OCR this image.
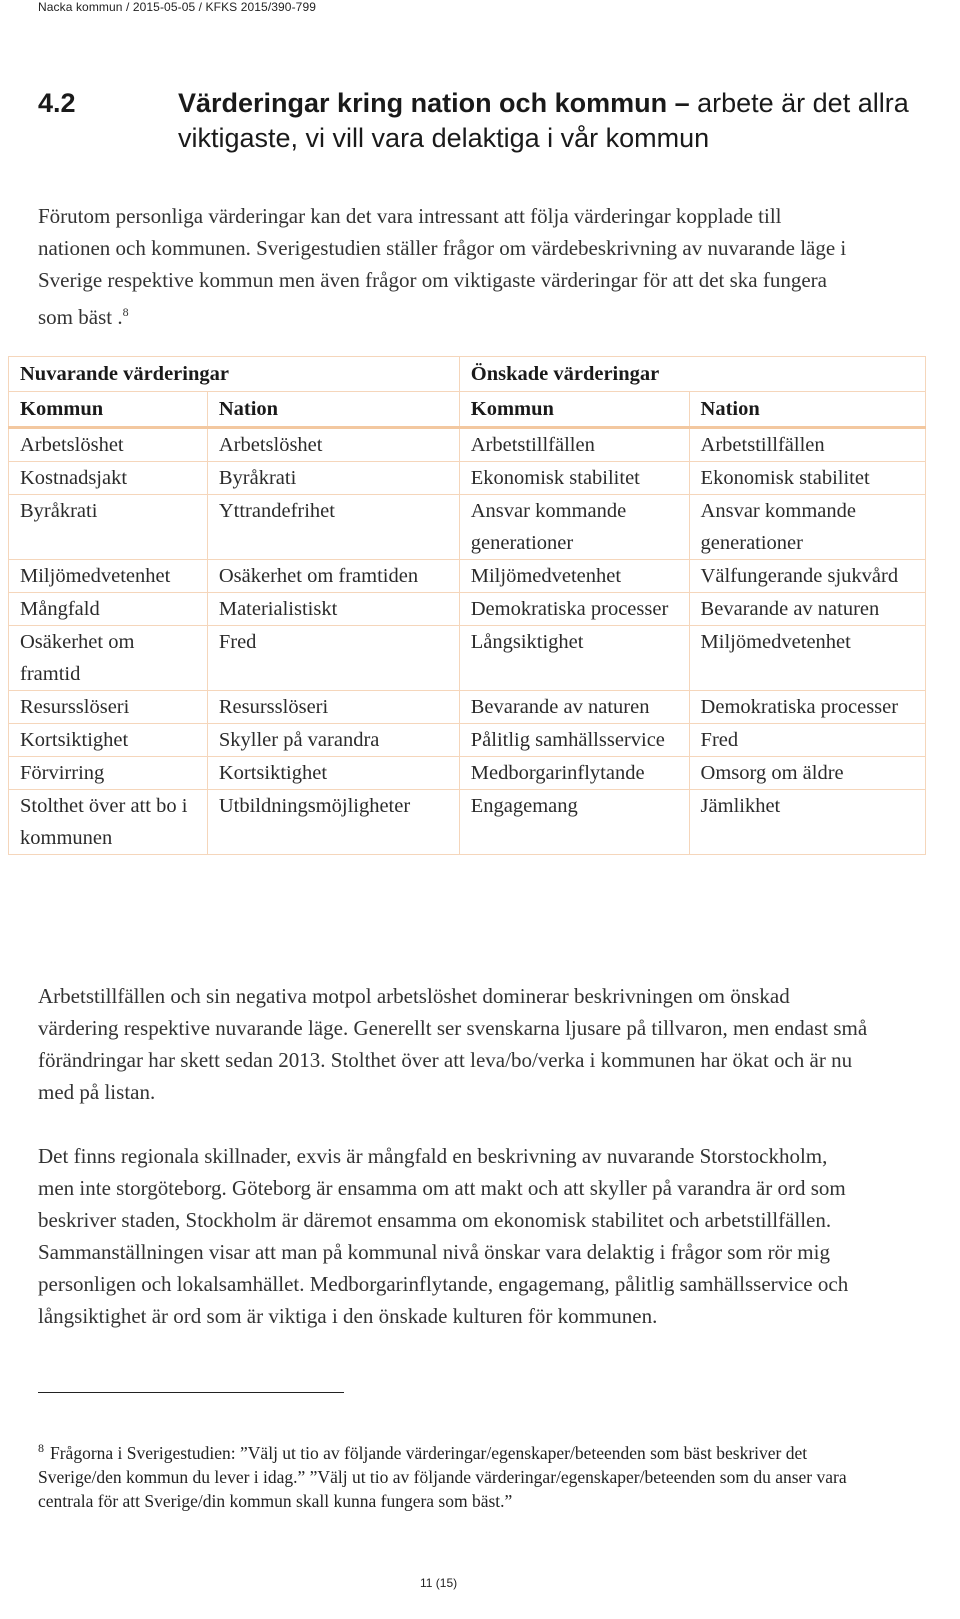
Nacka kommun / 2015-05-05 / KFKS 2015/390-799
4.2	Värderingar kring nation och kommun – arbete är det allra viktigaste, vi vill vara delaktiga i vår kommun
Förutom personliga värderingar kan det vara intressant att följa värderingar kopplade till nationen och kommunen. Sverigestudien ställer frågor om värdebeskrivning av nuvarande läge i Sverige respektive kommun men även frågor om viktigaste värderingar för att det ska fungera som bäst .$^8$
Nuvarande värderingar		Önskade värderingar	
Kommun	Nation	Kommun	Nation
Arbetslöshet	Arbetslöshet	Arbetstillfällen	Arbetstillfällen
Kostnadsjakt	Byråkrati	Ekonomisk stabilitet	Ekonomisk stabilitet
Byråkrati	Yttrandefrihet	Ansvar kommande generationer	Ansvar kommande generationer
Miljömedvetenhet	Osäkerhet om framtiden	Miljömedvetenhet	Välfungerande sjukvård
Mångfald	Materialistiskt	Demokratiska processer	Bevarande av naturen
Osäkerhet om framtid	Fred	Långsiktighet	Miljömedvetenhet
Resursslöseri	Resursslöseri	Bevarande av naturen	Demokratiska processer
Kortsiktighet	Skyller på varandra	Pålitlig samhällsservice	Fred
Förvirring	Kortsiktighet	Medborgarinflytande	Omsorg om äldre
Stolthet över att bo i kommunen	Utbildningsmöjligheter	Engagemang	Jämlikhet
Arbetstillfällen och sin negativa motpol arbetslöshet dominerar beskrivningen om önskad värdering respektive nuvarande läge. Generellt ser svenskarna ljusare på tillvaron, men endast små förändringar har skett sedan 2013. Stolthet över att leva/bo/verka i kommunen har ökat och är nu med på listan.
Det finns regionala skillnader, exvis är mångfald en beskrivning av nuvarande Storstockholm, men inte storgöteborg. Göteborg är ensamma om att makt och att skyller på varandra är ord som beskriver staden, Stockholm är däremot ensamma om ekonomisk stabilitet och arbetstillfällen. Sammanställningen visar att man på kommunal nivå önskar vara delaktig i frågor som rör mig personligen och lokalsamhället. Medborgarinflytande, engagemang, pålitlig samhällsservice och långsiktighet är ord som är viktiga i den önskade kulturen för kommunen.
$^8$ Frågorna i Sverigestudien: ”Välj ut tio av följande värderingar/egenskaper/beteenden som bäst beskriver det Sverige/den kommun du lever i idag.” ”Välj ut tio av följande värderingar/egenskaper/beteenden som du anser vara centrala för att Sverige/din kommun skall kunna fungera som bäst.”
11 (15)
